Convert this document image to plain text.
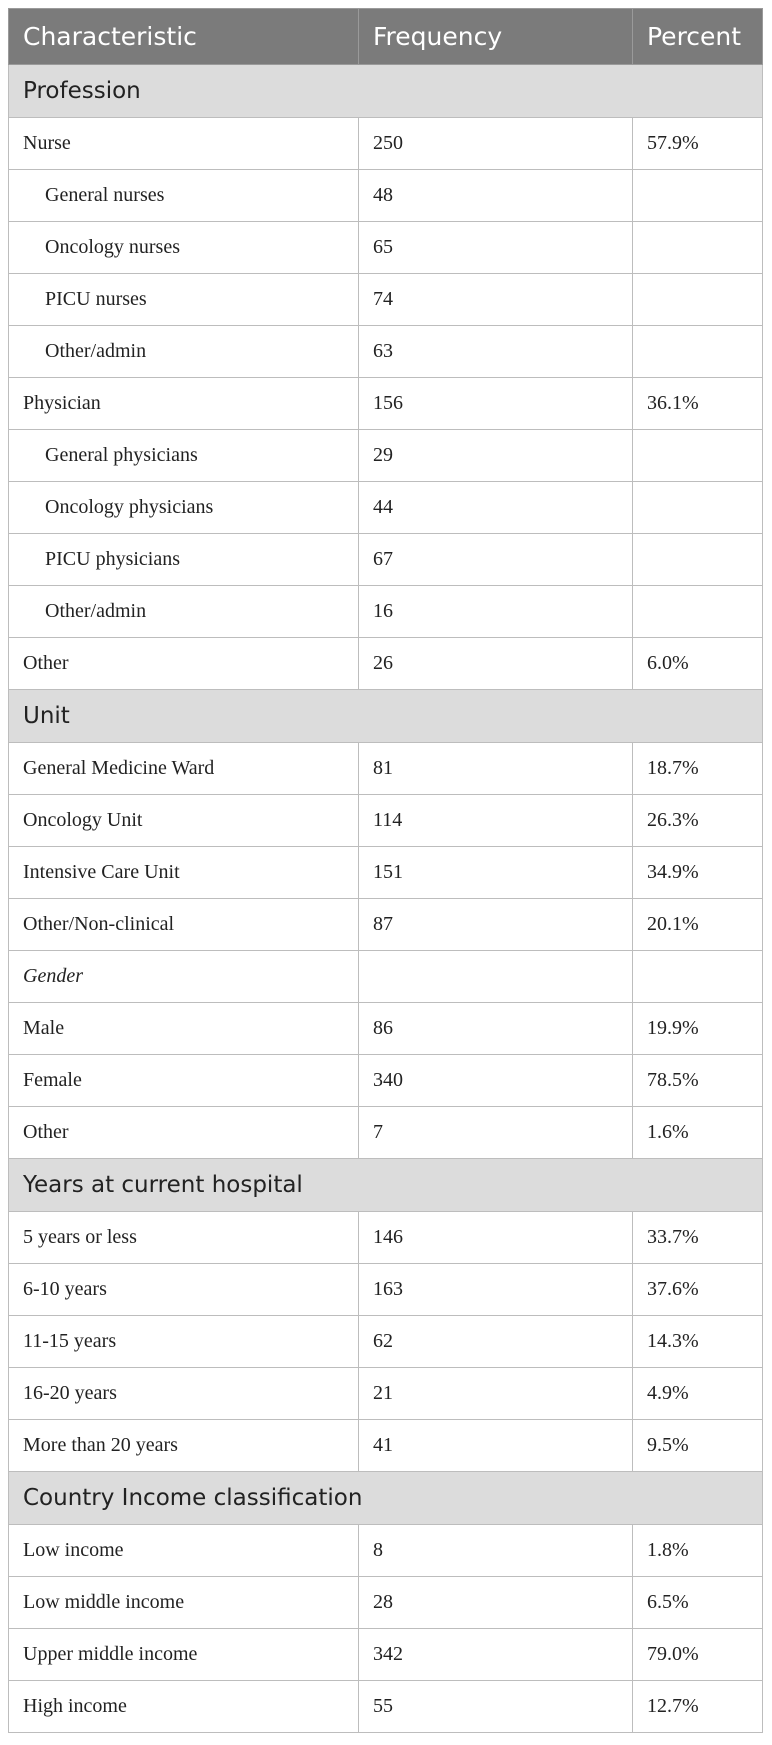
Characteristic	Frequency	Percent
Profession		
Nurse	250	57.9%
General nurses	48	
Oncology nurses	65	
PICU nurses	74	
Other/admin	63	
Physician	156	36.1%
General physicians	29	
Oncology physicians	44	
PICU physicians	67	
Other/admin	16	
Other	26	6.0%
Unit		
General Medicine Ward	81	18.7%
Oncology Unit	114	26.3%
Intensive Care Unit	151	34.9%
Other/Non-clinical	87	20.1%
Gender		
Male	86	19.9%
Female	340	78.5%
Other	7	1.6%
Years at current hospital		
5 years or less	146	33.7%
6-10 years	163	37.6%
11-15 years	62	14.3%
16-20 years	21	4.9%
More than 20 years	41	9.5%
Country Income classification		
Low income	8	1.8%
Low middle income	28	6.5%
Upper middle income	342	79.0%
High income	55	12.7%
